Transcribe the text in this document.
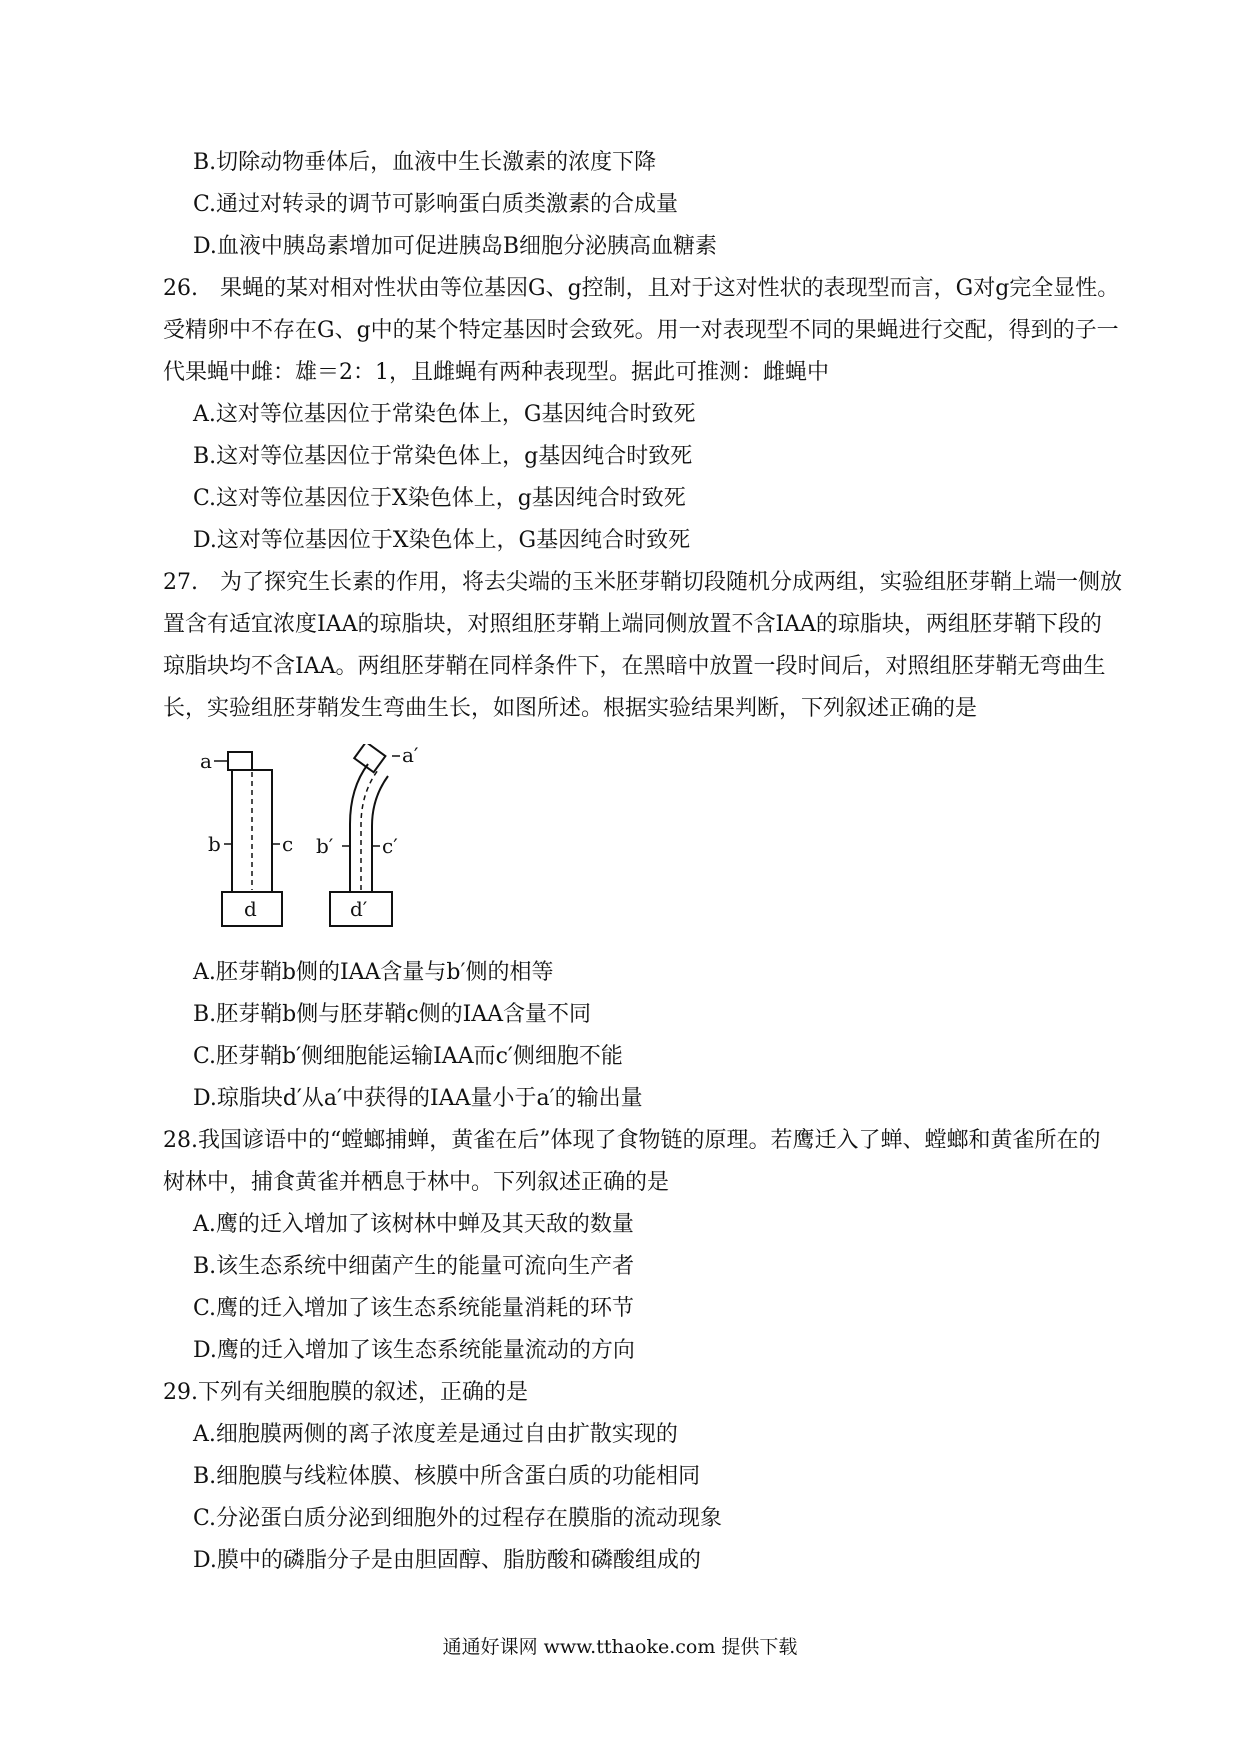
B.切除动物垂体后，血液中生长激素的浓度下降
C.通过对转录的调节可影响蛋白质类激素的合成量
D.血液中胰岛素增加可促进胰岛B细胞分泌胰高血糖素
26.　果蝇的某对相对性状由等位基因G、g控制，且对于这对性状的表现型而言，G对g完全显性。
受精卵中不存在G、g中的某个特定基因时会致死。用一对表现型不同的果蝇进行交配，得到的子一
代果蝇中雌：雄＝2：1，且雌蝇有两种表现型。据此可推测：雌蝇中
A.这对等位基因位于常染色体上，G基因纯合时致死
B.这对等位基因位于常染色体上，g基因纯合时致死
C.这对等位基因位于X染色体上，g基因纯合时致死
D.这对等位基因位于X染色体上，G基因纯合时致死
27.　为了探究生长素的作用，将去尖端的玉米胚芽鞘切段随机分成两组，实验组胚芽鞘上端一侧放
置含有适宜浓度IAA的琼脂块，对照组胚芽鞘上端同侧放置不含IAA的琼脂块，两组胚芽鞘下段的
琼脂块均不含IAA。两组胚芽鞘在同样条件下，在黑暗中放置一段时间后，对照组胚芽鞘无弯曲生
长，实验组胚芽鞘发生弯曲生长，如图所述。根据实验结果判断，下列叙述正确的是
a
b	c
d
a′
b′ c′
d′
A.胚芽鞘b侧的IAA含量与b′侧的相等
B.胚芽鞘b侧与胚芽鞘c侧的IAA含量不同
C.胚芽鞘b′侧细胞能运输IAA而c′侧细胞不能
D.琼脂块d′从a′中获得的IAA量小于a′的输出量
28.我国谚语中的“螳螂捕蝉，黄雀在后”体现了食物链的原理。若鹰迁入了蝉、螳螂和黄雀所在的
树林中，捕食黄雀并栖息于林中。下列叙述正确的是
A.鹰的迁入增加了该树林中蝉及其天敌的数量
B.该生态系统中细菌产生的能量可流向生产者
C.鹰的迁入增加了该生态系统能量消耗的环节
D.鹰的迁入增加了该生态系统能量流动的方向
29.下列有关细胞膜的叙述，正确的是
A.细胞膜两侧的离子浓度差是通过自由扩散实现的
B.细胞膜与线粒体膜、核膜中所含蛋白质的功能相同
C.分泌蛋白质分泌到细胞外的过程存在膜脂的流动现象
D.膜中的磷脂分子是由胆固醇、脂肪酸和磷酸组成的
通通好课网 www.tthaoke.com 提供下载
